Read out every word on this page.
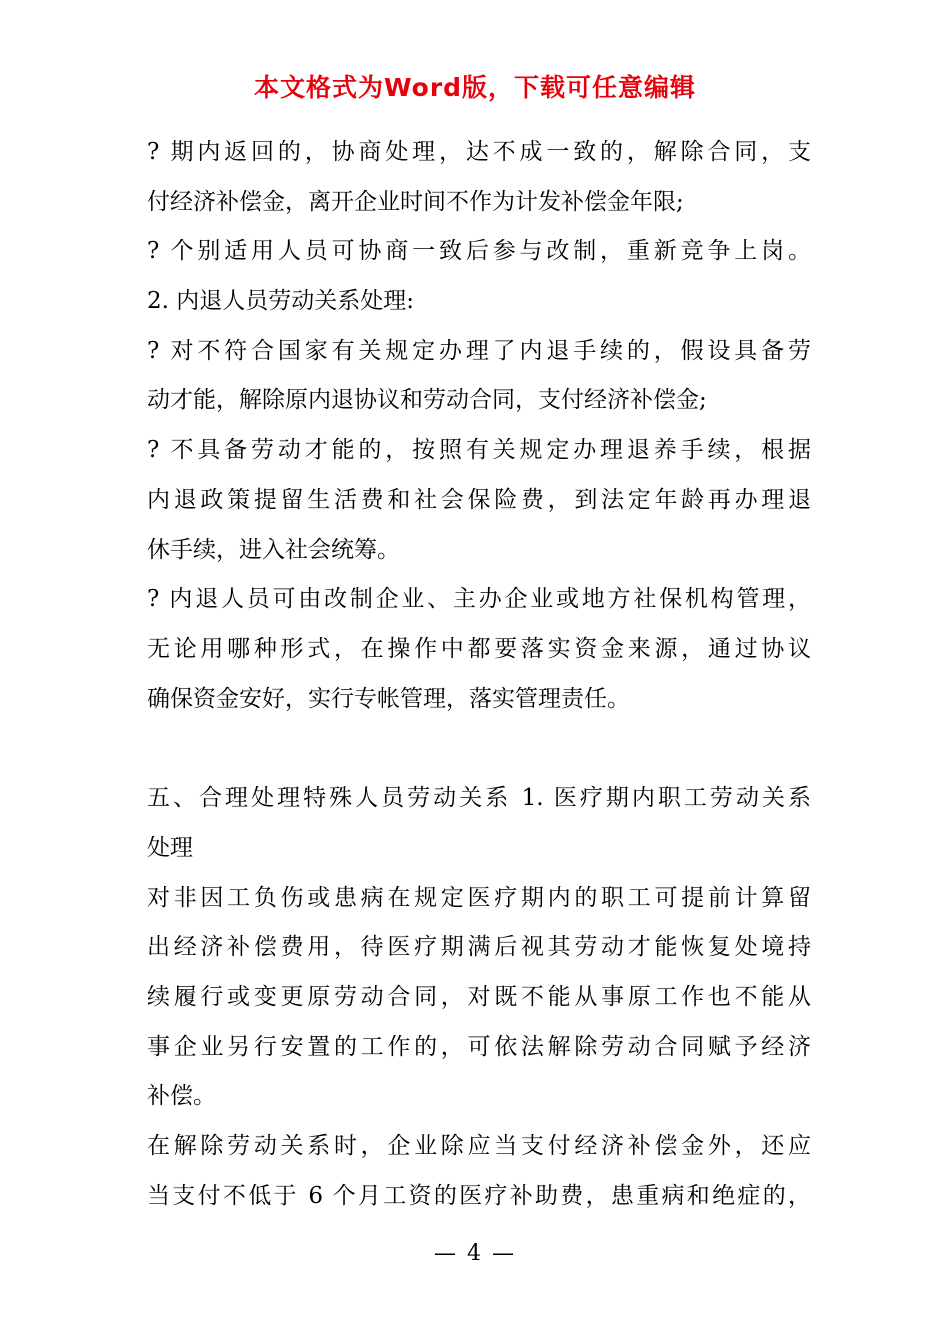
本文格式为Word版，下载可任意编辑
? 期内返回的，协商处理，达不成一致的，解除合同，支
付经济补偿金，离开企业时间不作为计发补偿金年限;
? 个别适用人员可协商一致后参与改制，重新竞争上岗。
2. 内退人员劳动关系处理:
? 对不符合国家有关规定办理了内退手续的，假设具备劳
动才能，解除原内退协议和劳动合同，支付经济补偿金;
? 不具备劳动才能的，按照有关规定办理退养手续，根据
内退政策提留生活费和社会保险费，到法定年龄再办理退
休手续，进入社会统筹。
? 内退人员可由改制企业、主办企业或地方社保机构管理，
无论用哪种形式，在操作中都要落实资金来源，通过协议
确保资金安好，实行专帐管理，落实管理责任。
五、合理处理特殊人员劳动关系 1. 医疗期内职工劳动关系
处理
对非因工负伤或患病在规定医疗期内的职工可提前计算留
出经济补偿费用，待医疗期满后视其劳动才能恢复处境持
续履行或变更原劳动合同，对既不能从事原工作也不能从
事企业另行安置的工作的，可依法解除劳动合同赋予经济
补偿。
在解除劳动关系时，企业除应当支付经济补偿金外，还应
当支付不低于 6 个月工资的医疗补助费，患重病和绝症的，
— 4 —
